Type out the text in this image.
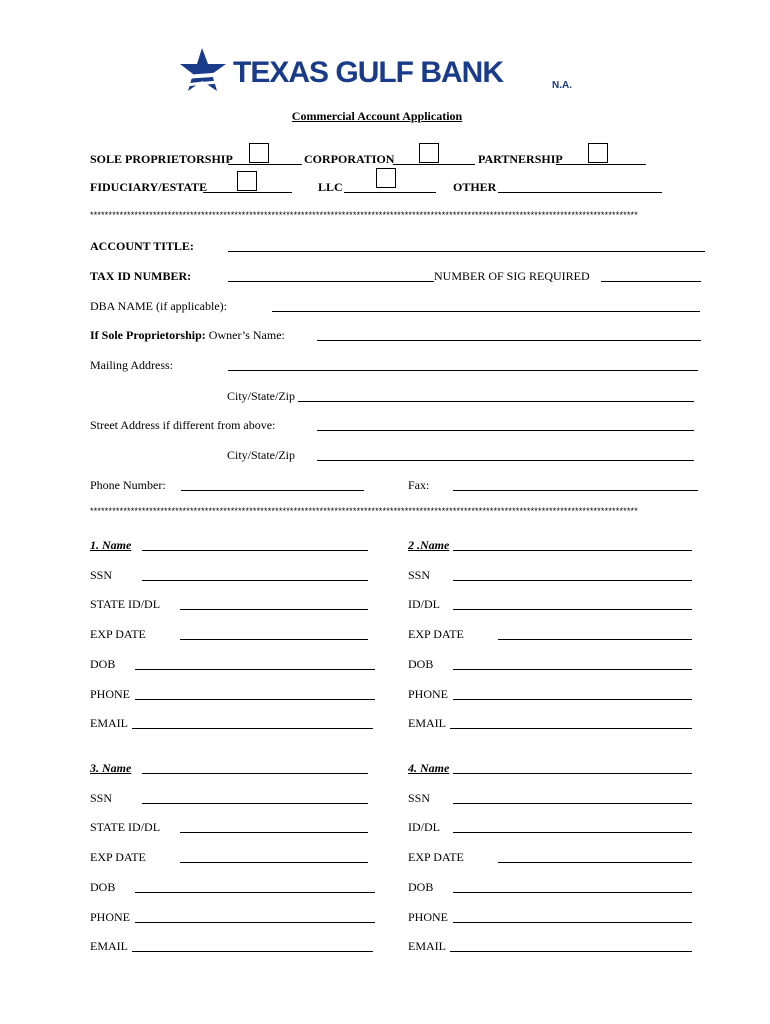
TEXAS GULF BANK	N.A.
Commercial Account Application
SOLE PROPRIETORSHIP	CORPORATION	PARTNERSHIP
FIDUCIARY/ESTATE	LLC	OTHER
****************************************************************************************************************************************************
ACCOUNT TITLE:
TAX ID NUMBER:	NUMBER OF SIG REQUIRED
DBA NAME (if applicable):
If Sole Proprietorship: Owner’s Name:
Mailing Address:
City/State/Zip
Street Address if different from above:
City/State/Zip
Phone Number:	Fax:
****************************************************************************************************************************************************
1. Name
SSN
STATE ID/DL
EXP DATE
DOB
PHONE
EMAIL
2 .Name
SSN
ID/DL
EXP DATE
DOB
PHONE
EMAIL
3. Name
SSN
STATE ID/DL
EXP DATE
DOB
PHONE
EMAIL
4. Name
SSN
ID/DL
EXP DATE
DOB
PHONE
EMAIL
